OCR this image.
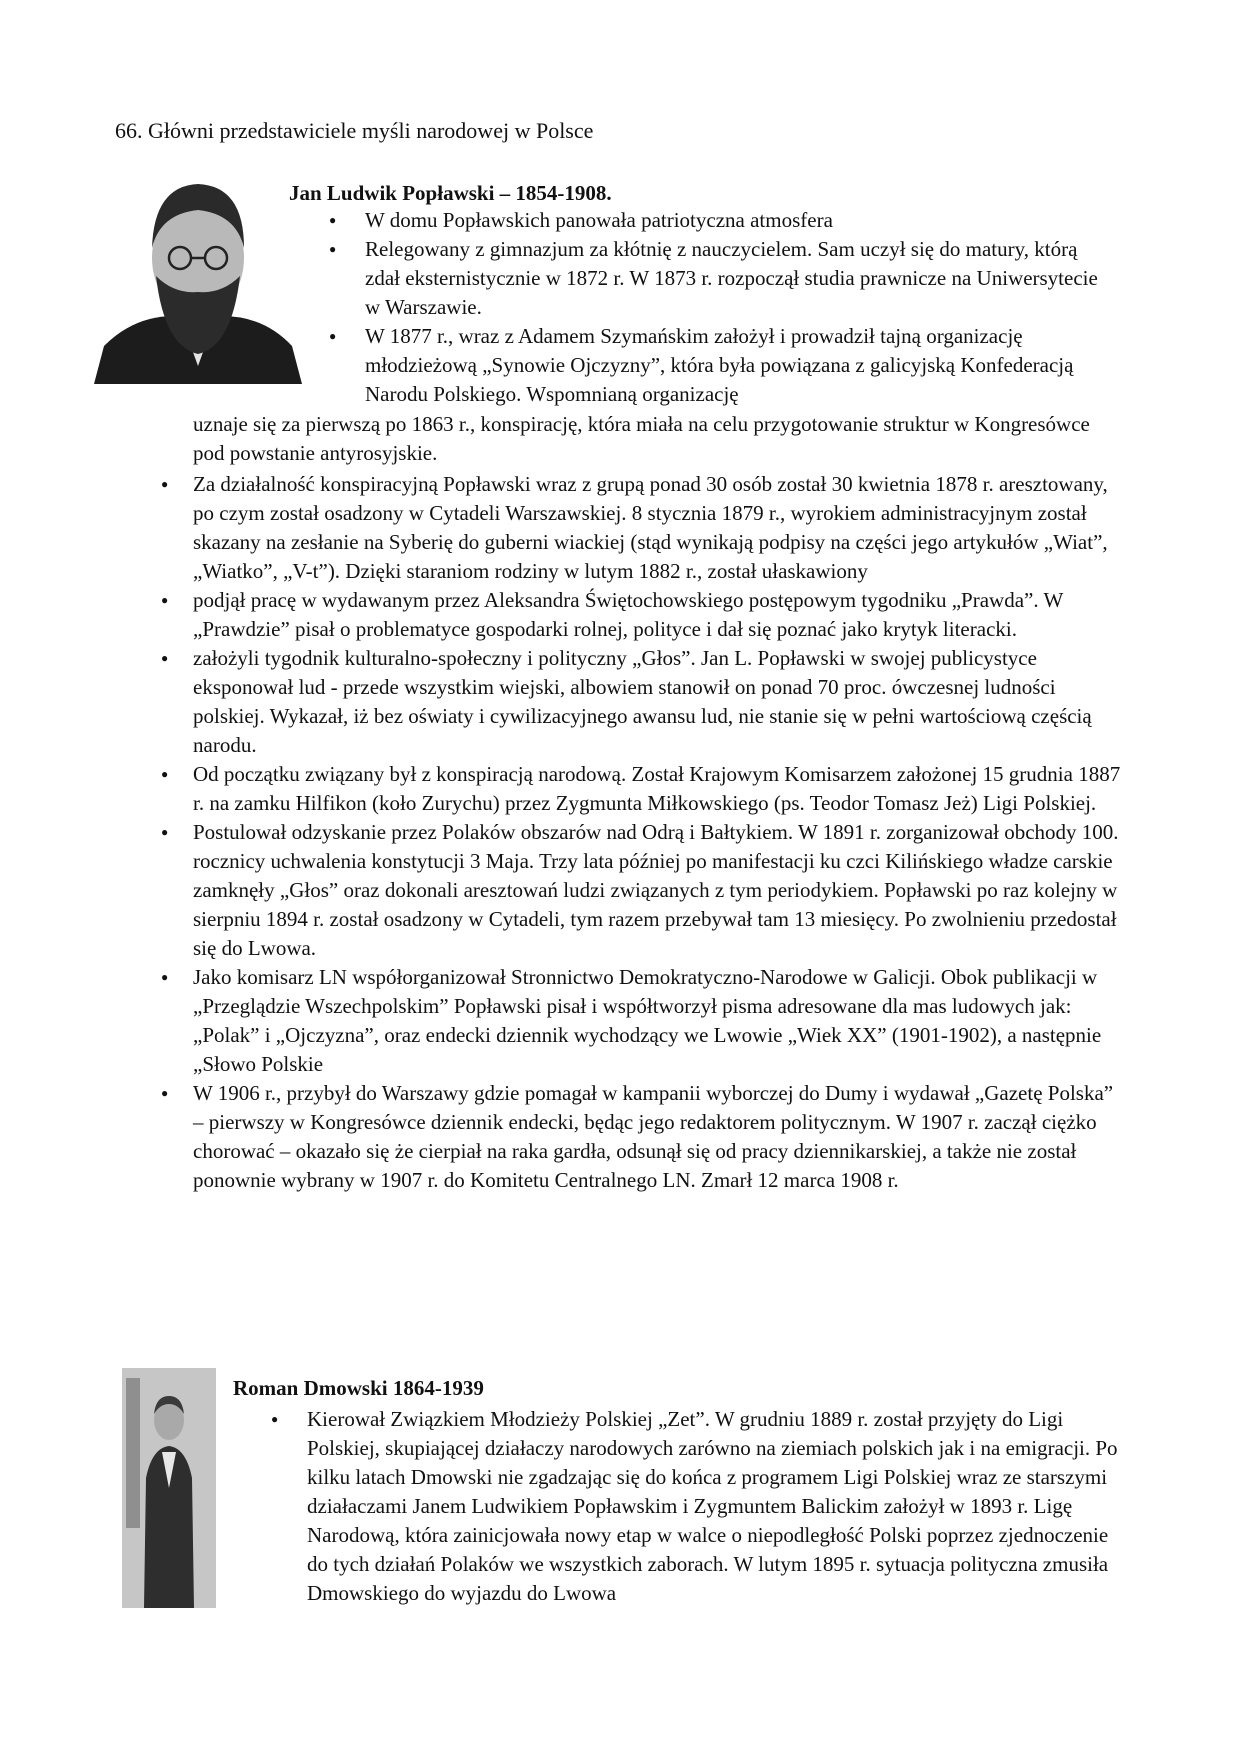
66. Główni przedstawiciele myśli narodowej w Polsce
Jan Ludwik Popławski – 1854-1908.
● W domu Popławskich panowała patriotyczna atmosfera
● Relegowany z gimnazjum za kłótnię z nauczycielem. Sam uczył się do matury, którą zdał eksternistycznie w 1872 r. W 1873 r. rozpoczął studia prawnicze na Uniwersytecie w Warszawie.
● W 1877 r., wraz z Adamem Szymańskim założył i prowadził tajną organizację młodzieżową „Synowie Ojczyzny”, która była powiązana z galicyjską Konfederacją Narodu Polskiego. Wspomnianą organizację
uznaje się za pierwszą po 1863 r., konspirację, która miała na celu przygotowanie struktur w Kongresówce pod powstanie antyrosyjskie.
● Za działalność konspiracyjną Popławski wraz z grupą ponad 30 osób został 30 kwietnia 1878 r. aresztowany, po czym został osadzony w Cytadeli Warszawskiej. 8 stycznia 1879 r., wyrokiem administracyjnym został skazany na zesłanie na Syberię do guberni wiackiej (stąd wynikają podpisy na części jego artykułów „Wiat”, „Wiatko”, „V-t”). Dzięki staraniom rodziny w lutym 1882 r., został ułaskawiony
● podjął pracę w wydawanym przez Aleksandra Świętochowskiego postępowym tygodniku „Prawda”. W „Prawdzie” pisał o problematyce gospodarki rolnej, polityce i dał się poznać jako krytyk literacki.
● założyli tygodnik kulturalno-społeczny i polityczny „Głos”. Jan L. Popławski w swojej publicystyce eksponował lud - przede wszystkim wiejski, albowiem stanowił on ponad 70 proc. ówczesnej ludności polskiej. Wykazał, iż bez oświaty i cywilizacyjnego awansu lud, nie stanie się w pełni wartościową częścią narodu.
● Od początku związany był z konspiracją narodową. Został Krajowym Komisarzem założonej 15 grudnia 1887 r. na zamku Hilfikon (koło Zurychu) przez Zygmunta Miłkowskiego (ps. Teodor Tomasz Jeż) Ligi Polskiej.
● Postulował odzyskanie przez Polaków obszarów nad Odrą i Bałtykiem. W 1891 r. zorganizował obchody 100. rocznicy uchwalenia konstytucji 3 Maja. Trzy lata później po manifestacji ku czci Kilińskiego władze carskie zamknęły „Głos” oraz dokonali aresztowań ludzi związanych z tym periodykiem. Popławski po raz kolejny w sierpniu 1894 r. został osadzony w Cytadeli, tym razem przebywał tam 13 miesięcy. Po zwolnieniu przedostał się do Lwowa.
● Jako komisarz LN współorganizował Stronnictwo Demokratyczno-Narodowe w Galicji. Obok publikacji w „Przeglądzie Wszechpolskim” Popławski pisał i współtworzył pisma adresowane dla mas ludowych jak: „Polak” i „Ojczyzna”, oraz endecki dziennik wychodzący we Lwowie „Wiek XX” (1901-1902), a następnie „Słowo Polskie
● W 1906 r., przybył do Warszawy gdzie pomagał w kampanii wyborczej do Dumy i wydawał „Gazetę Polska” – pierwszy w Kongresówce dziennik endecki, będąc jego redaktorem politycznym. W 1907 r. zaczął ciężko chorować – okazało się że cierpiał na raka gardła, odsunął się od pracy dziennikarskiej, a także nie został ponownie wybrany w 1907 r. do Komitetu Centralnego LN. Zmarł 12 marca 1908 r.
Roman Dmowski 1864-1939
● Kierował Związkiem Młodzieży Polskiej „Zet”. W grudniu 1889 r. został przyjęty do Ligi Polskiej, skupiającej działaczy narodowych zarówno na ziemiach polskich jak i na emigracji. Po kilku latach Dmowski nie zgadzając się do końca z programem Ligi Polskiej wraz ze starszymi działaczami Janem Ludwikiem Popławskim i Zygmuntem Balickim założył w 1893 r. Ligę Narodową, która zainicjowała nowy etap w walce o niepodległość Polski poprzez zjednoczenie do tych działań Polaków we wszystkich zaborach. W lutym 1895 r. sytuacja polityczna zmusiła Dmowskiego do wyjazdu do Lwowa
